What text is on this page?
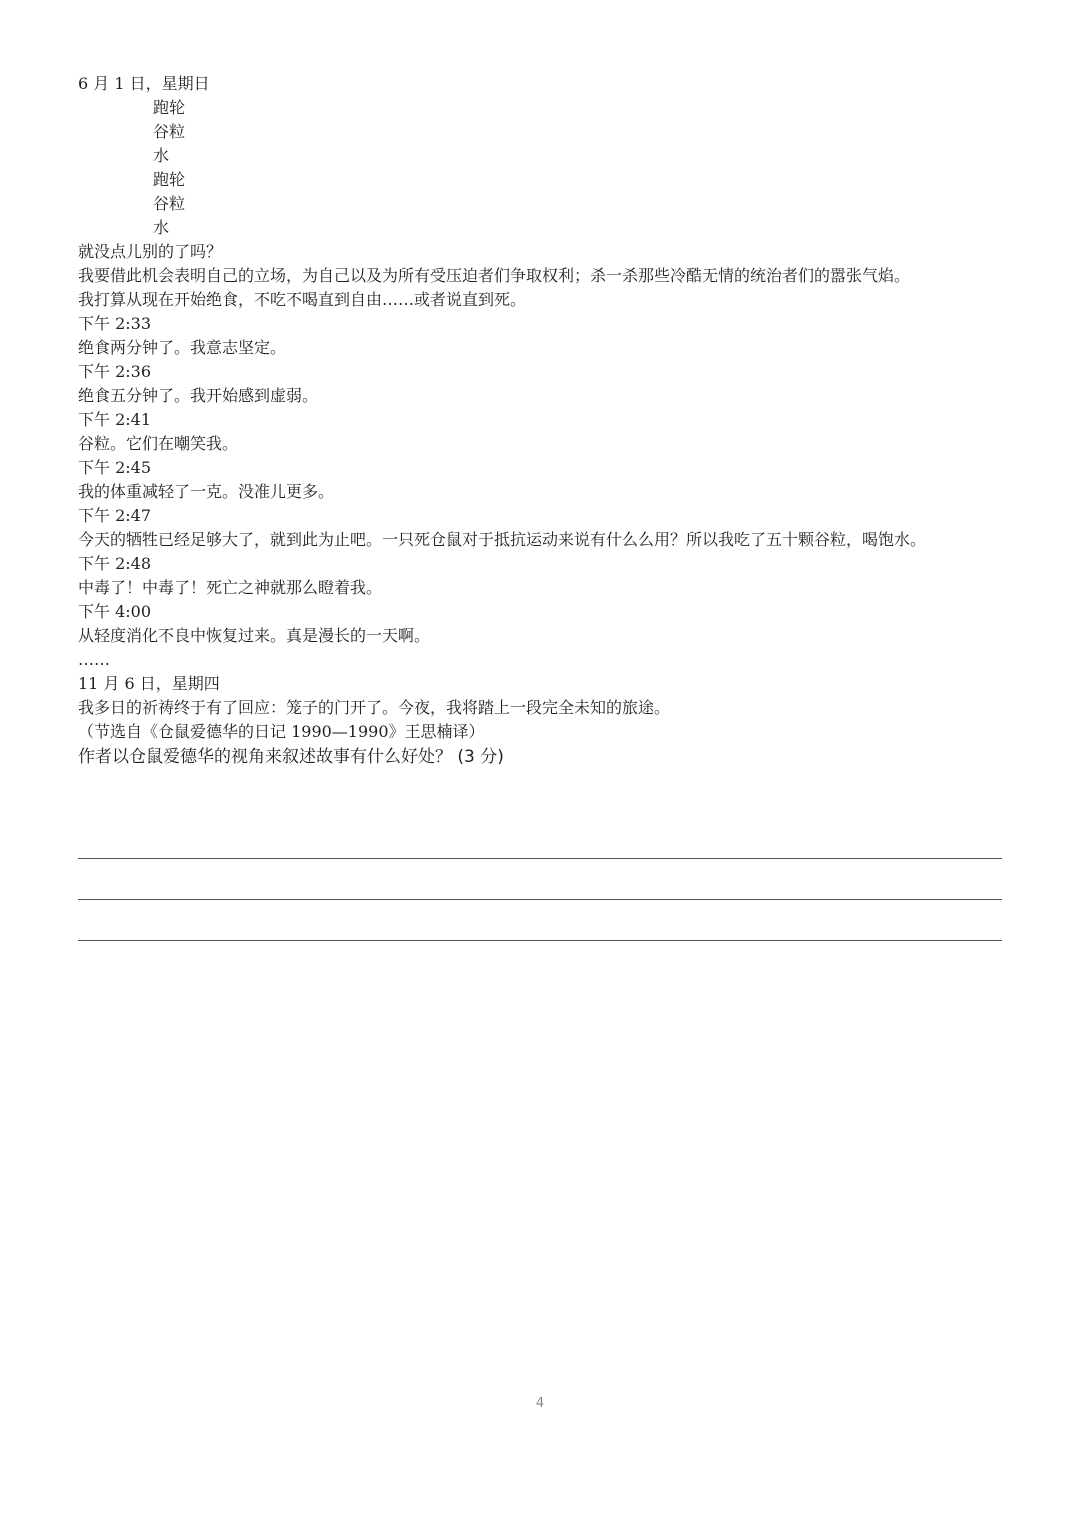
6 月 1 日，星期日
跑轮
谷粒
水
跑轮
谷粒
水
就没点儿别的了吗？
我要借此机会表明自己的立场，为自己以及为所有受压迫者们争取权利；杀一杀那些冷酷无情的统治者们的嚣张气焰。
我打算从现在开始绝食，不吃不喝直到自由……或者说直到死。
下午 2:33
绝食两分钟了。我意志坚定。
下午 2:36
绝食五分钟了。我开始感到虚弱。
下午 2:41
谷粒。它们在嘲笑我。
下午 2:45
我的体重减轻了一克。没准儿更多。
下午 2:47
今天的牺牲已经足够大了，就到此为止吧。一只死仓鼠对于抵抗运动来说有什么么用？所以我吃了五十颗谷粒，喝饱水。
下午 2:48
中毒了！中毒了！死亡之神就那么瞪着我。
下午 4:00
从轻度消化不良中恢复过来。真是漫长的一天啊。
……
11 月 6 日，星期四
我多日的祈祷终于有了回应：笼子的门开了。今夜，我将踏上一段完全未知的旅途。
（节选自《仓鼠爱德华的日记 1990—1990》王思楠译）
作者以仓鼠爱德华的视角来叙述故事有什么好处？ (3 分)
4
